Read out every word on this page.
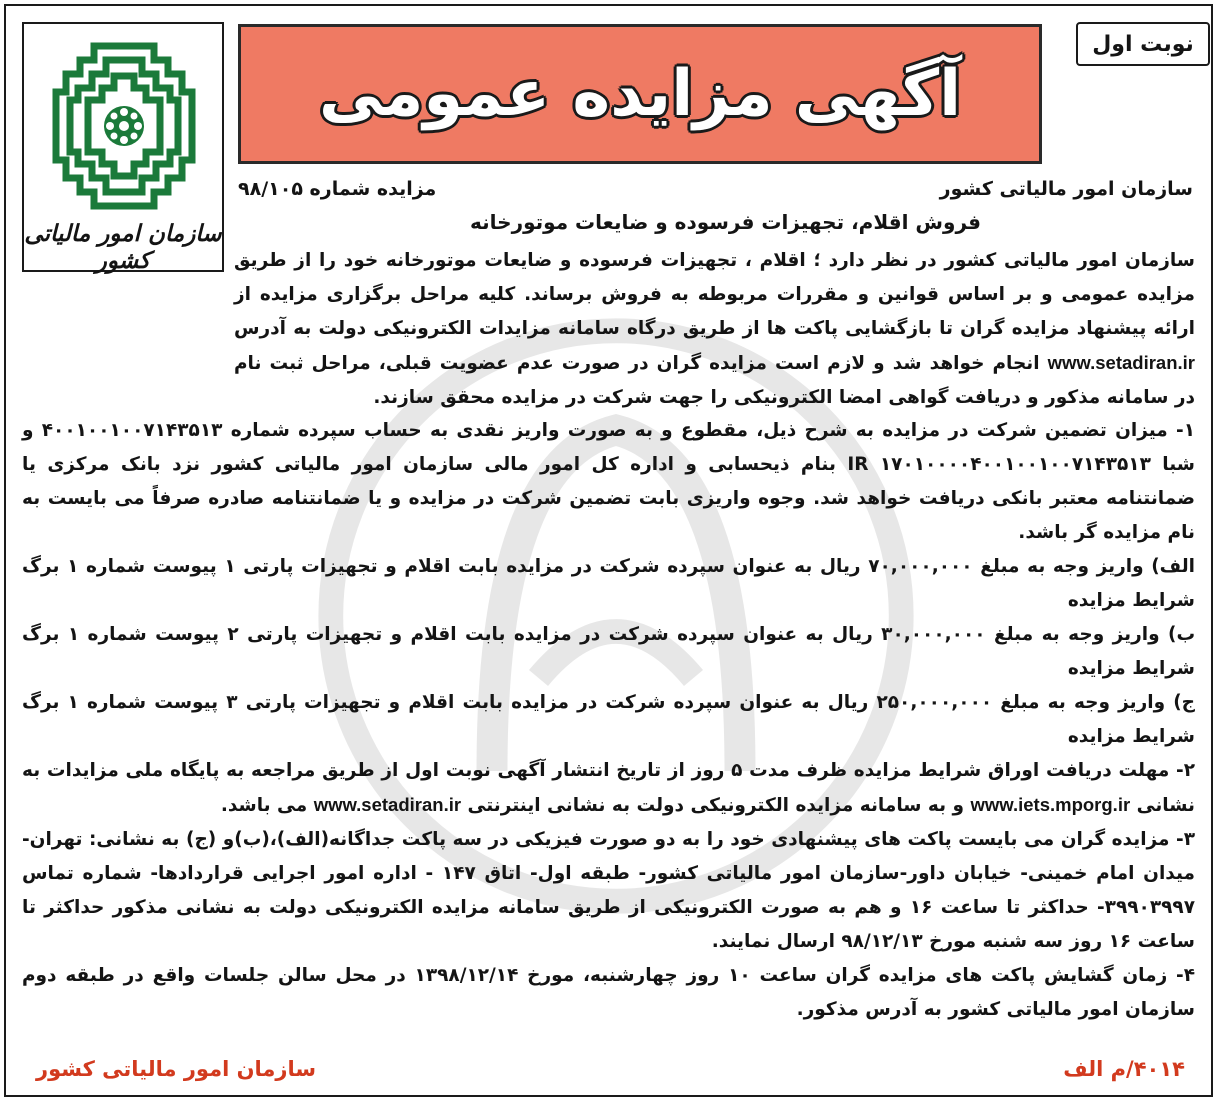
سازمان امور مالیاتی کشور
نوبت اول
آگهی مزایده عمومی
سازمان امور مالیاتی کشور
مزایده شماره ۹۸/۱۰۵
فروش اقلام، تجهیزات فرسوده و ضایعات موتورخانه

سازمان امور مالیاتی کشور در نظر دارد ؛ اقلام ، تجهیزات فرسوده و ضایعات موتورخانه خود را از طریق مزایده عمومی و بر اساس قوانین و مقررات مربوطه به فروش برساند. کلیه مراحل برگزاری مزایده از ارائه پیشنهاد مزایده گران تا بازگشایی پاکت ها از طریق درگاه سامانه مزایدات الکترونیکی دولت به آدرس www.setadiran.ir انجام خواهد شد و لازم است مزایده گران در صورت عدم عضویت قبلی، مراحل ثبت نام در سامانه مذکور و دریافت گواهی امضا الکترونیکی را جهت شرکت در مزایده محقق سازند.

۱- میزان تضمین شرکت در مزایده به شرح ذیل، مقطوع و به صورت واریز نقدی به حساب سپرده شماره ۴۰۰۱۰۰۱۰۰۷۱۴۳۵۱۳ و شبا IR ۱۷۰۱۰۰۰۰۴۰۰۱۰۰۱۰۰۷۱۴۳۵۱۳ بنام ذیحسابی و اداره کل امور مالی سازمان امور مالیاتی کشور نزد بانک مرکزی یا ضمانتنامه معتبر بانکی دریافت خواهد شد. وجوه واریزی بابت تضمین شرکت در مزایده و یا ضمانتنامه صادره صرفاً می بایست به نام مزایده گر باشد.

الف) واریز وجه به مبلغ ۷۰,۰۰۰,۰۰۰ ریال به عنوان سپرده شرکت در مزایده بابت اقلام و تجهیزات پارتی ۱ پیوست شماره ۱ برگ شرایط مزایده

ب) واریز وجه به مبلغ ۳۰,۰۰۰,۰۰۰ ریال به عنوان سپرده شرکت در مزایده بابت اقلام و تجهیزات پارتی ۲ پیوست شماره ۱ برگ شرایط مزایده

ج) واریز وجه به مبلغ ۲۵۰,۰۰۰,۰۰۰ ریال به عنوان سپرده شرکت در مزایده بابت اقلام و تجهیزات پارتی ۳ پیوست شماره ۱ برگ شرایط مزایده

۲- مهلت دریافت اوراق شرایط مزایده ظرف مدت ۵ روز از تاریخ انتشار آگهی نوبت اول از طریق مراجعه به پایگاه ملی مزایدات به نشانی www.iets.mporg.ir و به سامانه مزایده الکترونیکی دولت به نشانی اینترنتی www.setadiran.ir می باشد.

۳- مزایده گران می بایست پاکت های پیشنهادی خود را به دو صورت فیزیکی در سه پاکت جداگانه(الف)،(ب)و (ج) به نشانی: تهران-میدان امام خمینی- خیابان داور-سازمان امور مالیاتی کشور- طبقه اول- اتاق ۱۴۷ - اداره امور اجرایی قراردادها- شماره تماس ۳۹۹۰۳۹۹۷- حداکثر تا ساعت ۱۶ و هم به صورت الکترونیکی از طریق سامانه مزایده الکترونیکی دولت به نشانی مذکور حداکثر تا ساعت ۱۶ روز سه شنبه مورخ ۹۸/۱۲/۱۳ ارسال نمایند.

۴- زمان گشایش پاکت های مزایده گران ساعت ۱۰ روز چهارشنبه، مورخ ۱۳۹۸/۱۲/۱۴ در محل سالن جلسات واقع در طبقه دوم سازمان امور مالیاتی کشور به آدرس مذکور.

سازمان امور مالیاتی کشور	۴۰۱۴/م الف
